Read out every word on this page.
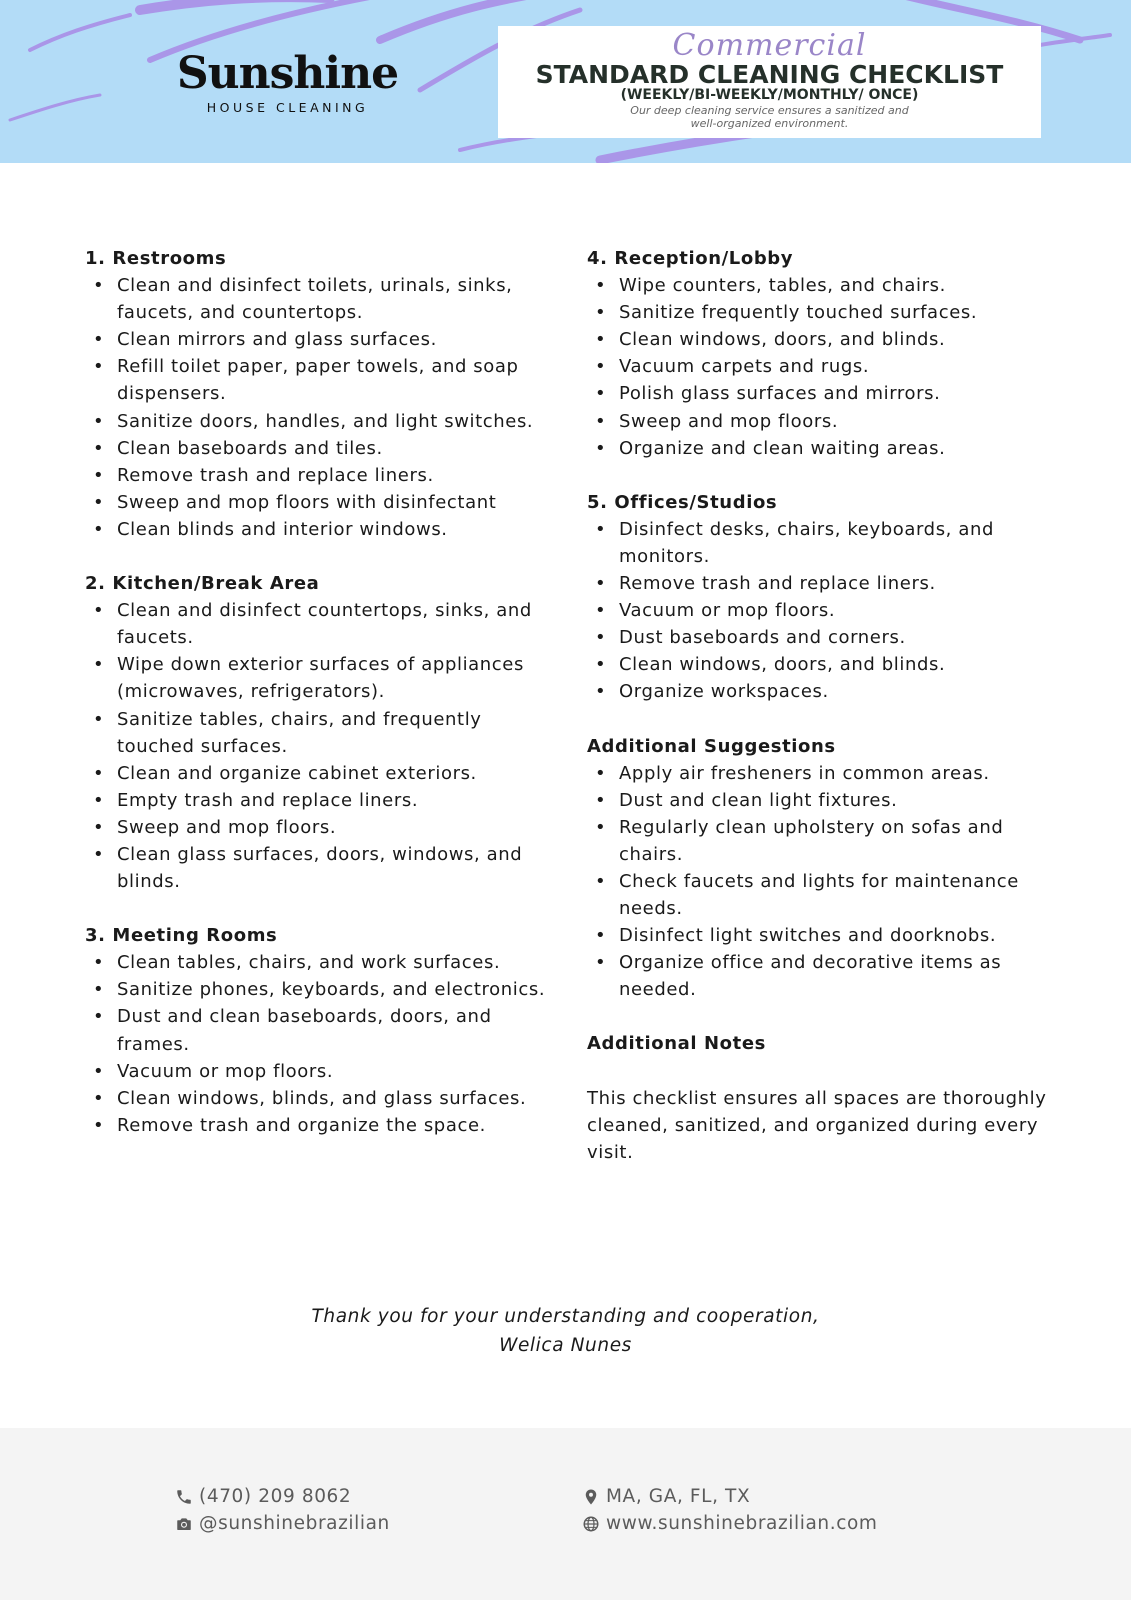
Sunshine
HOUSE CLEANING
Commercial
STANDARD CLEANING CHECKLIST
(WEEKLY/BI-WEEKLY/MONTHLY/ ONCE)
Our deep cleaning service ensures a sanitized and well-organized environment.
1. Restrooms
• Clean and disinfect toilets, urinals, sinks, faucets, and countertops.
• Clean mirrors and glass surfaces.
• Refill toilet paper, paper towels, and soap dispensers.
• Sanitize doors, handles, and light switches.
• Clean baseboards and tiles.
• Remove trash and replace liners.
• Sweep and mop floors with disinfectant
• Clean blinds and interior windows.
2. Kitchen/Break Area
• Clean and disinfect countertops, sinks, and faucets.
• Wipe down exterior surfaces of appliances (microwaves, refrigerators).
• Sanitize tables, chairs, and frequently touched surfaces.
• Clean and organize cabinet exteriors.
• Empty trash and replace liners.
• Sweep and mop floors.
• Clean glass surfaces, doors, windows, and blinds.
3. Meeting Rooms
• Clean tables, chairs, and work surfaces.
• Sanitize phones, keyboards, and electronics.
• Dust and clean baseboards, doors, and frames.
• Vacuum or mop floors.
• Clean windows, blinds, and glass surfaces.
• Remove trash and organize the space.
4. Reception/Lobby
• Wipe counters, tables, and chairs.
• Sanitize frequently touched surfaces.
• Clean windows, doors, and blinds.
• Vacuum carpets and rugs.
• Polish glass surfaces and mirrors.
• Sweep and mop floors.
• Organize and clean waiting areas.
5. Offices/Studios
• Disinfect desks, chairs, keyboards, and monitors.
• Remove trash and replace liners.
• Vacuum or mop floors.
• Dust baseboards and corners.
• Clean windows, doors, and blinds.
• Organize workspaces.
Additional Suggestions
• Apply air fresheners in common areas.
• Dust and clean light fixtures.
• Regularly clean upholstery on sofas and chairs.
• Check faucets and lights for maintenance needs.
• Disinfect light switches and doorknobs.
• Organize office and decorative items as needed.
Additional Notes
This checklist ensures all spaces are thoroughly cleaned, sanitized, and organized during every visit.
Thank you for your understanding and cooperation,
Welica Nunes
(470) 209 8062
@sunshinebrazilian
MA, GA, FL, TX
www.sunshinebrazilian.com
